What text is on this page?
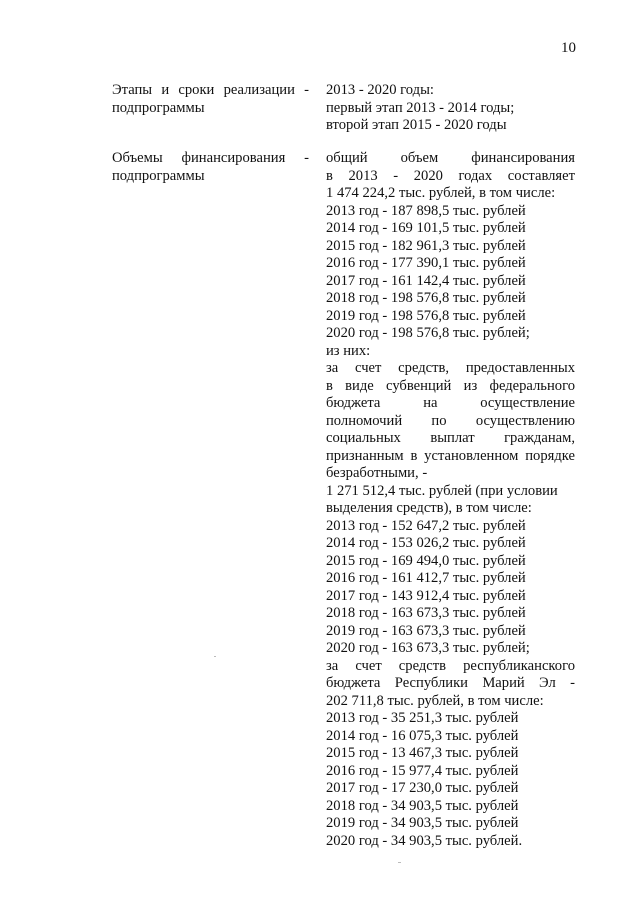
10
Этапы и сроки реализации -
подпрограммы
2013 - 2020 годы:
первый этап 2013 - 2014 годы;
второй этап 2015 - 2020 годы
Объемы финансирования -
подпрограммы
общий объем финансирования
в 2013 - 2020 годах составляет
1 474 224,2 тыс. рублей, в том числе:
2013 год - 187 898,5 тыс. рублей
2014 год - 169 101,5 тыс. рублей
2015 год - 182 961,3 тыс. рублей
2016 год - 177 390,1 тыс. рублей
2017 год - 161 142,4 тыс. рублей
2018 год - 198 576,8 тыс. рублей
2019 год - 198 576,8 тыс. рублей
2020 год - 198 576,8 тыс. рублей;
из них:
за счет средств, предоставленных
в виде субвенций из федерального
бюджета на осуществление
полномочий по осуществлению
социальных выплат гражданам,
признанным в установленном порядке
безработными, -
1 271 512,4 тыс. рублей (при условии
выделения средств), в том числе:
2013 год - 152 647,2 тыс. рублей
2014 год - 153 026,2 тыс. рублей
2015 год - 169 494,0 тыс. рублей
2016 год - 161 412,7 тыс. рублей
2017 год - 143 912,4 тыс. рублей
2018 год - 163 673,3 тыс. рублей
2019 год - 163 673,3 тыс. рублей
2020 год - 163 673,3 тыс. рублей;
за счет средств республиканского
бюджета Республики Марий Эл -
202 711,8 тыс. рублей, в том числе:
2013 год - 35 251,3 тыс. рублей
2014 год - 16 075,3 тыс. рублей
2015 год - 13 467,3 тыс. рублей
2016 год - 15 977,4 тыс. рублей
2017 год - 17 230,0 тыс. рублей
2018 год - 34 903,5 тыс. рублей
2019 год - 34 903,5 тыс. рублей
2020 год - 34 903,5 тыс. рублей.
